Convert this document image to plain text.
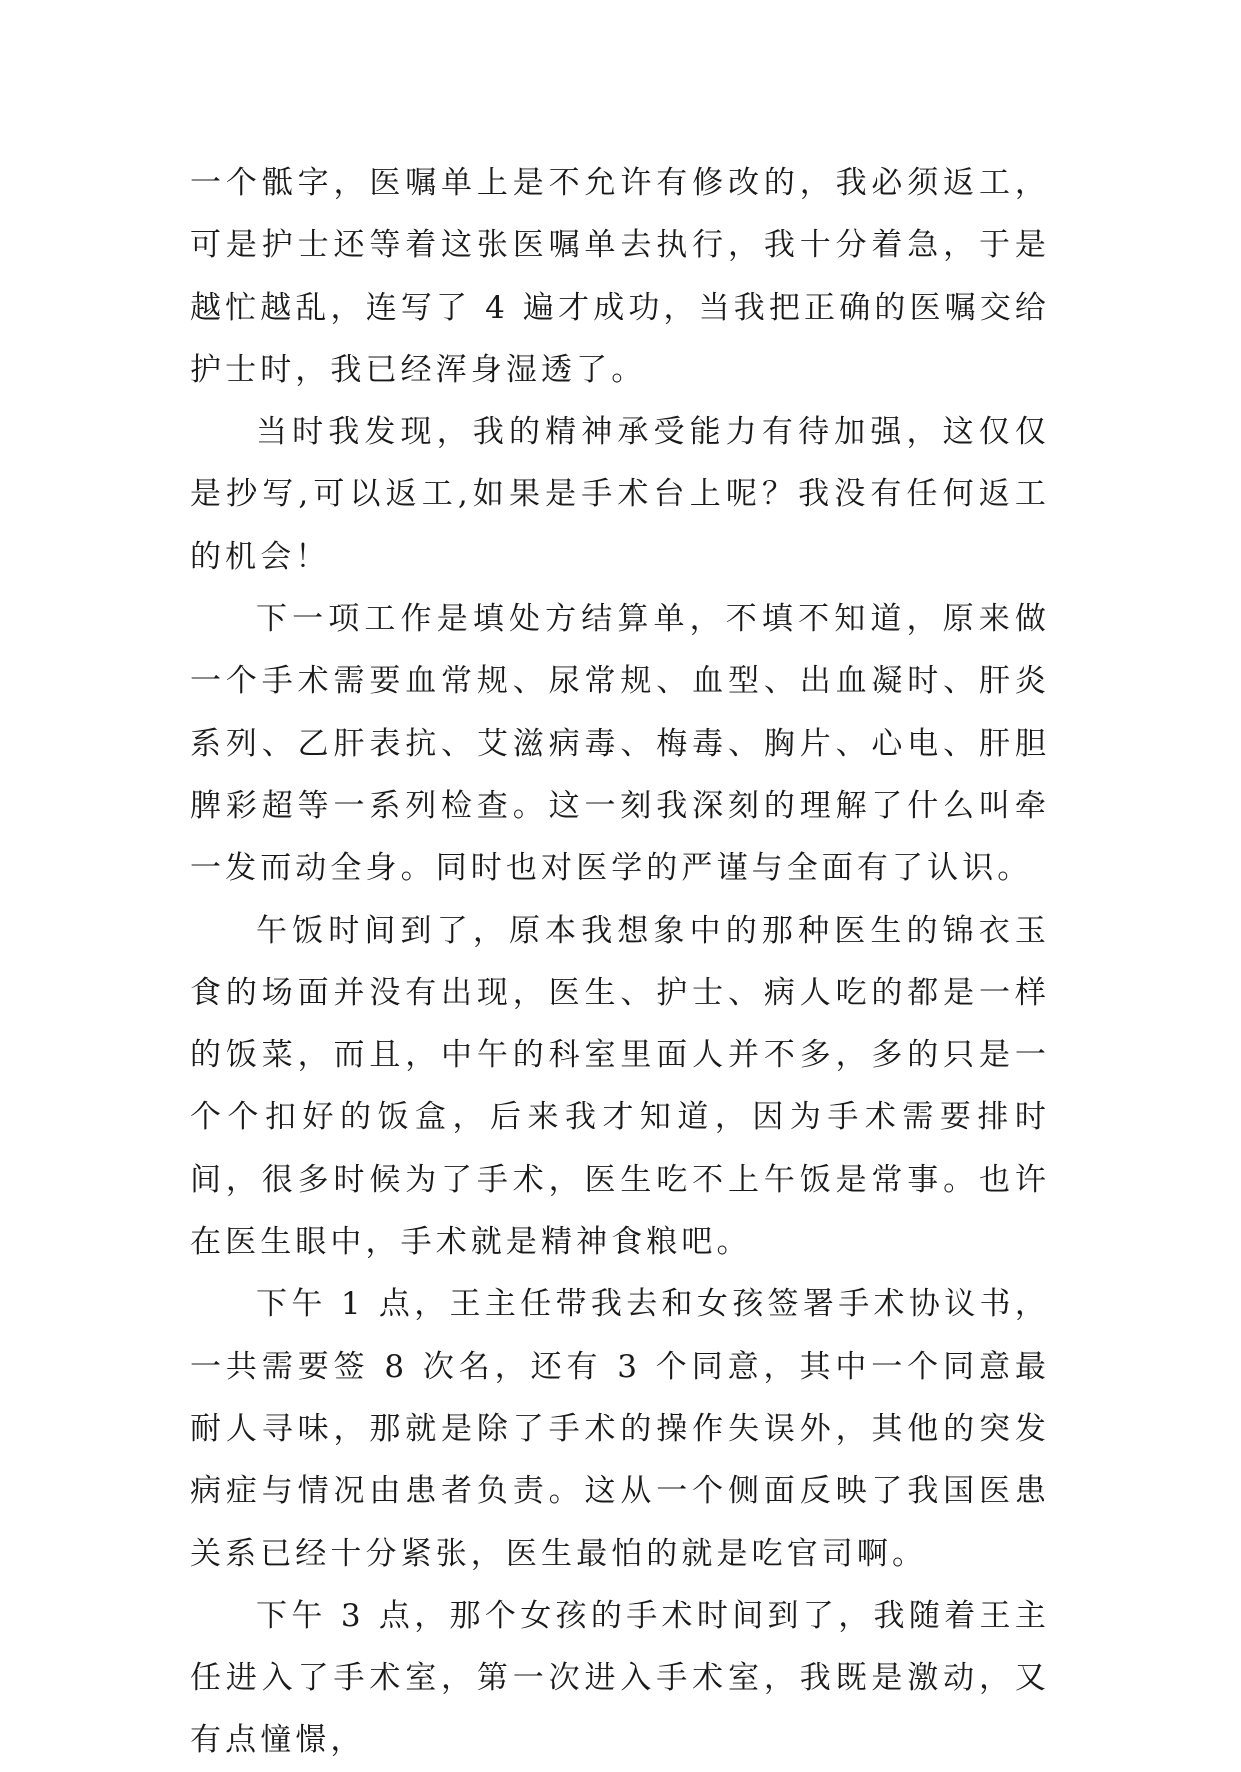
一个骶字，医嘱单上是不允许有修改的，我必须返工，可是护士还等着这张医嘱单去执行，我十分着急，于是越忙越乱，连写了 4 遍才成功，当我把正确的医嘱交给护士时，我已经浑身湿透了。

当时我发现，我的精神承受能力有待加强，这仅仅是抄写,可以返工,如果是手术台上呢？我没有任何返工的机会！

下一项工作是填处方结算单，不填不知道，原来做一个手术需要血常规、尿常规、血型、出血凝时、肝炎系列、乙肝表抗、艾滋病毒、梅毒、胸片、心电、肝胆脾彩超等一系列检查。这一刻我深刻的理解了什么叫牵一发而动全身。同时也对医学的严谨与全面有了认识。

午饭时间到了，原本我想象中的那种医生的锦衣玉食的场面并没有出现，医生、护士、病人吃的都是一样的饭菜，而且，中午的科室里面人并不多，多的只是一个个扣好的饭盒，后来我才知道，因为手术需要排时间，很多时候为了手术，医生吃不上午饭是常事。也许在医生眼中，手术就是精神食粮吧。

下午 1 点，王主任带我去和女孩签署手术协议书，一共需要签 8 次名，还有 3 个同意，其中一个同意最耐人寻味，那就是除了手术的操作失误外，其他的突发病症与情况由患者负责。这从一个侧面反映了我国医患关系已经十分紧张，医生最怕的就是吃官司啊。

下午 3 点，那个女孩的手术时间到了，我随着王主任进入了手术室，第一次进入手术室，我既是激动，又有点憧憬，
